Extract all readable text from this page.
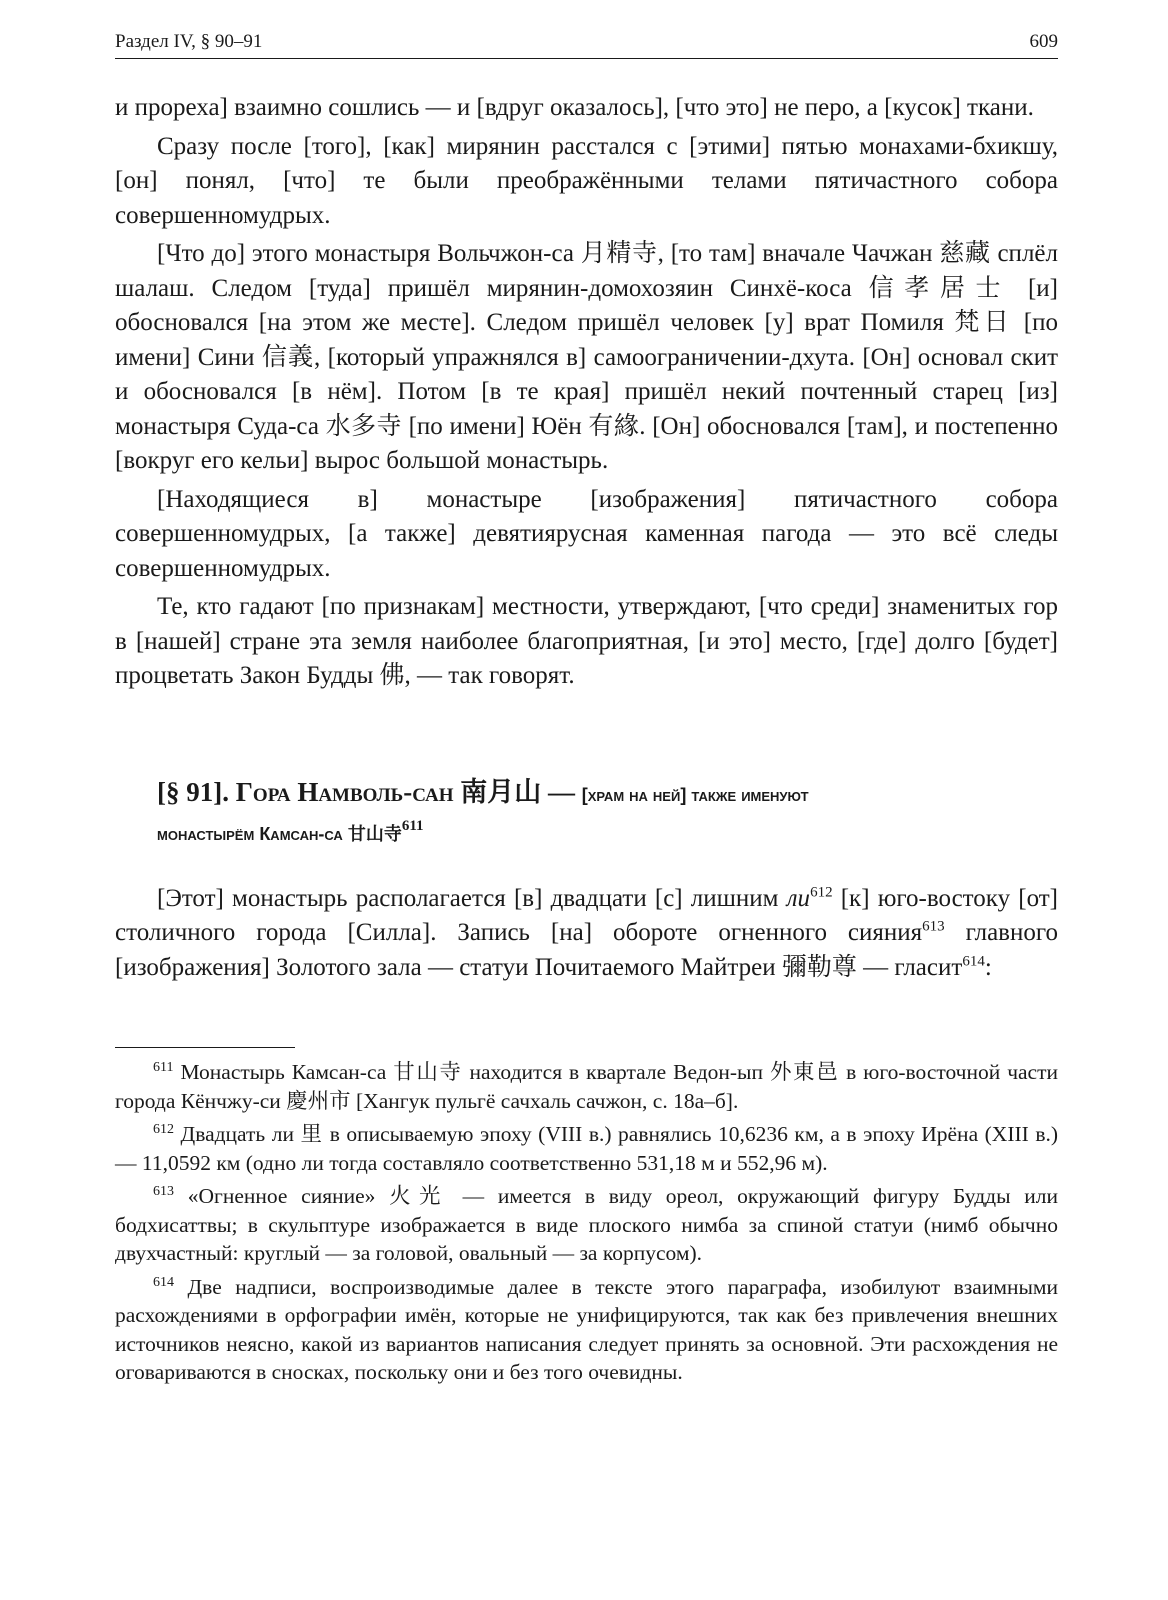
Раздел IV, § 90–91	609

и прореха] взаимно сошлись — и [вдруг оказалось], [что это] не перо, а [кусок] ткани.

Сразу после [того], [как] мирянин расстался с [этими] пятью монахами-бхикшу, [он] понял, [что] те были преображёнными телами пятичастного собора совершенномудрых.

[Что до] этого монастыря Вольчжон-са 月精寺, [то там] вначале Чачжан 慈藏 сплёл шалаш. Следом [туда] пришёл мирянин-домохозяин Синхё-коса 信孝居士 [и] обосновался [на этом же месте]. Следом пришёл человек [у] врат Помиля 梵日 [по имени] Сини 信義, [который упражнялся в] самоограничении-дхута. [Он] основал скит и обосновался [в нём]. Потом [в те края] пришёл некий почтенный старец [из] монастыря Суда-са 水多寺 [по имени] Юён 有緣. [Он] обосновался [там], и постепенно [вокруг его кельи] вырос большой монастырь.

[Находящиеся в] монастыре [изображения] пятичастного собора совершенномудрых, [а также] девятиярусная каменная пагода — это всё следы совершенномудрых.

Те, кто гадают [по признакам] местности, утверждают, [что среди] знаменитых гор в [нашей] стране эта земля наиболее благоприятная, [и это] место, [где] долго [будет] процветать Закон Будды 佛, — так говорят.

[§ 91]. Гора Намволь-сан 南月山 — [храм на ней] также именуют
монастырём Камсан-са 甘山寺$^{611}$

[Этот] монастырь располагается [в] двадцати [с] лишним $ли^{612}$ [к] юго-востоку [от] столичного города [Силла]. Запись [на] обороте огненного сияния$^{613}$ главного [изображения] Золотого зала — статуи Почитаемого Майтреи 彌勒尊 — гласит$^{614}$:

$^{611}$ Монастырь Камсан-са 甘山寺 находится в квартале Ведон-ып 外東邑 в юго-восточной части города Кёнчжу-си 慶州市 [Хангук пульгё сачхаль сачжон, с. 18а–б].

$^{612}$ Двадцать ли 里 в описываемую эпоху (VIII в.) равнялись 10,6236 км, а в эпоху Ирёна (XIII в.) — 11,0592 км (одно ли тогда составляло соответственно 531,18 м и 552,96 м).

$^{613}$ «Огненное сияние» 火光 — имеется в виду ореол, окружающий фигуру Будды или бодхисаттвы; в скульптуре изображается в виде плоского нимба за спиной статуи (нимб обычно двухчастный: круглый — за головой, овальный — за корпусом).

$^{614}$ Две надписи, воспроизводимые далее в тексте этого параграфа, изобилуют взаимными расхождениями в орфографии имён, которые не унифицируются, так как без привлечения внешних источников неясно, какой из вариантов написания следует принять за основной. Эти расхождения не оговариваются в сносках, поскольку они и без того очевидны.
